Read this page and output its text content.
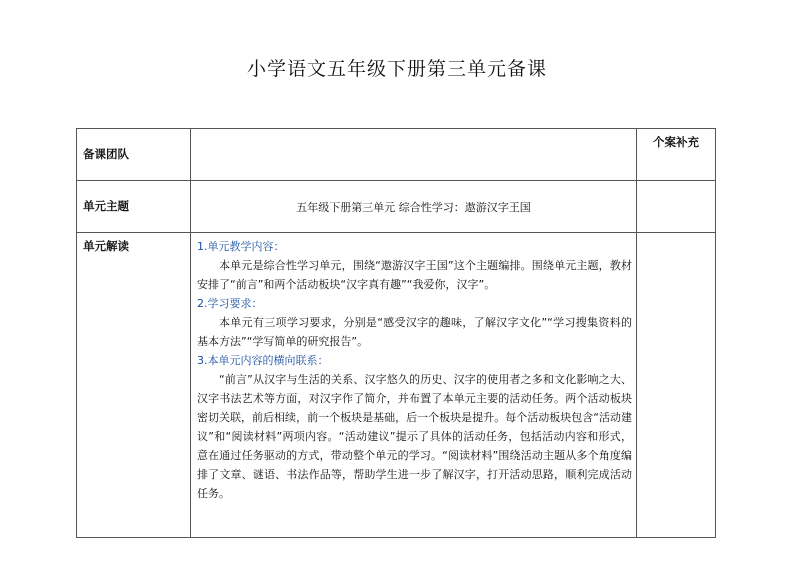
小学语文五年级下册第三单元备课
备课团队
个案补充
单元主题	五年级下册第三单元 综合性学习：遨游汉字王国
单元解读	1.单元教学内容：

本单元是综合性学习单元，围绕“遨游汉字王国”这个主题编排。围绕单元主题，教材安排了“前言”和两个活动板块“汉字真有趣”“我爱你，汉字”。

2.学习要求：

本单元有三项学习要求，分别是“感受汉字的趣味，了解汉字文化”“学习搜集资料的基本方法”“学写简单的研究报告”。

3.本单元内容的横向联系：

“前言”从汉字与生活的关系、汉字悠久的历史、汉字的使用者之多和文化影响之大、汉字书法艺术等方面，对汉字作了简介，并布置了本单元主要的活动任务。两个活动板块密切关联，前后相续，前一个板块是基础，后一个板块是提升。每个活动板块包含“活动建议”和“阅读材料”两项内容。“活动建议”提示了具体的活动任务，包括活动内容和形式，意在通过任务驱动的方式，带动整个单元的学习。“阅读材料”围绕活动主题从多个角度编排了文章、谜语、书法作品等，帮助学生进一步了解汉字，打开活动思路，顺利完成活动任务。
